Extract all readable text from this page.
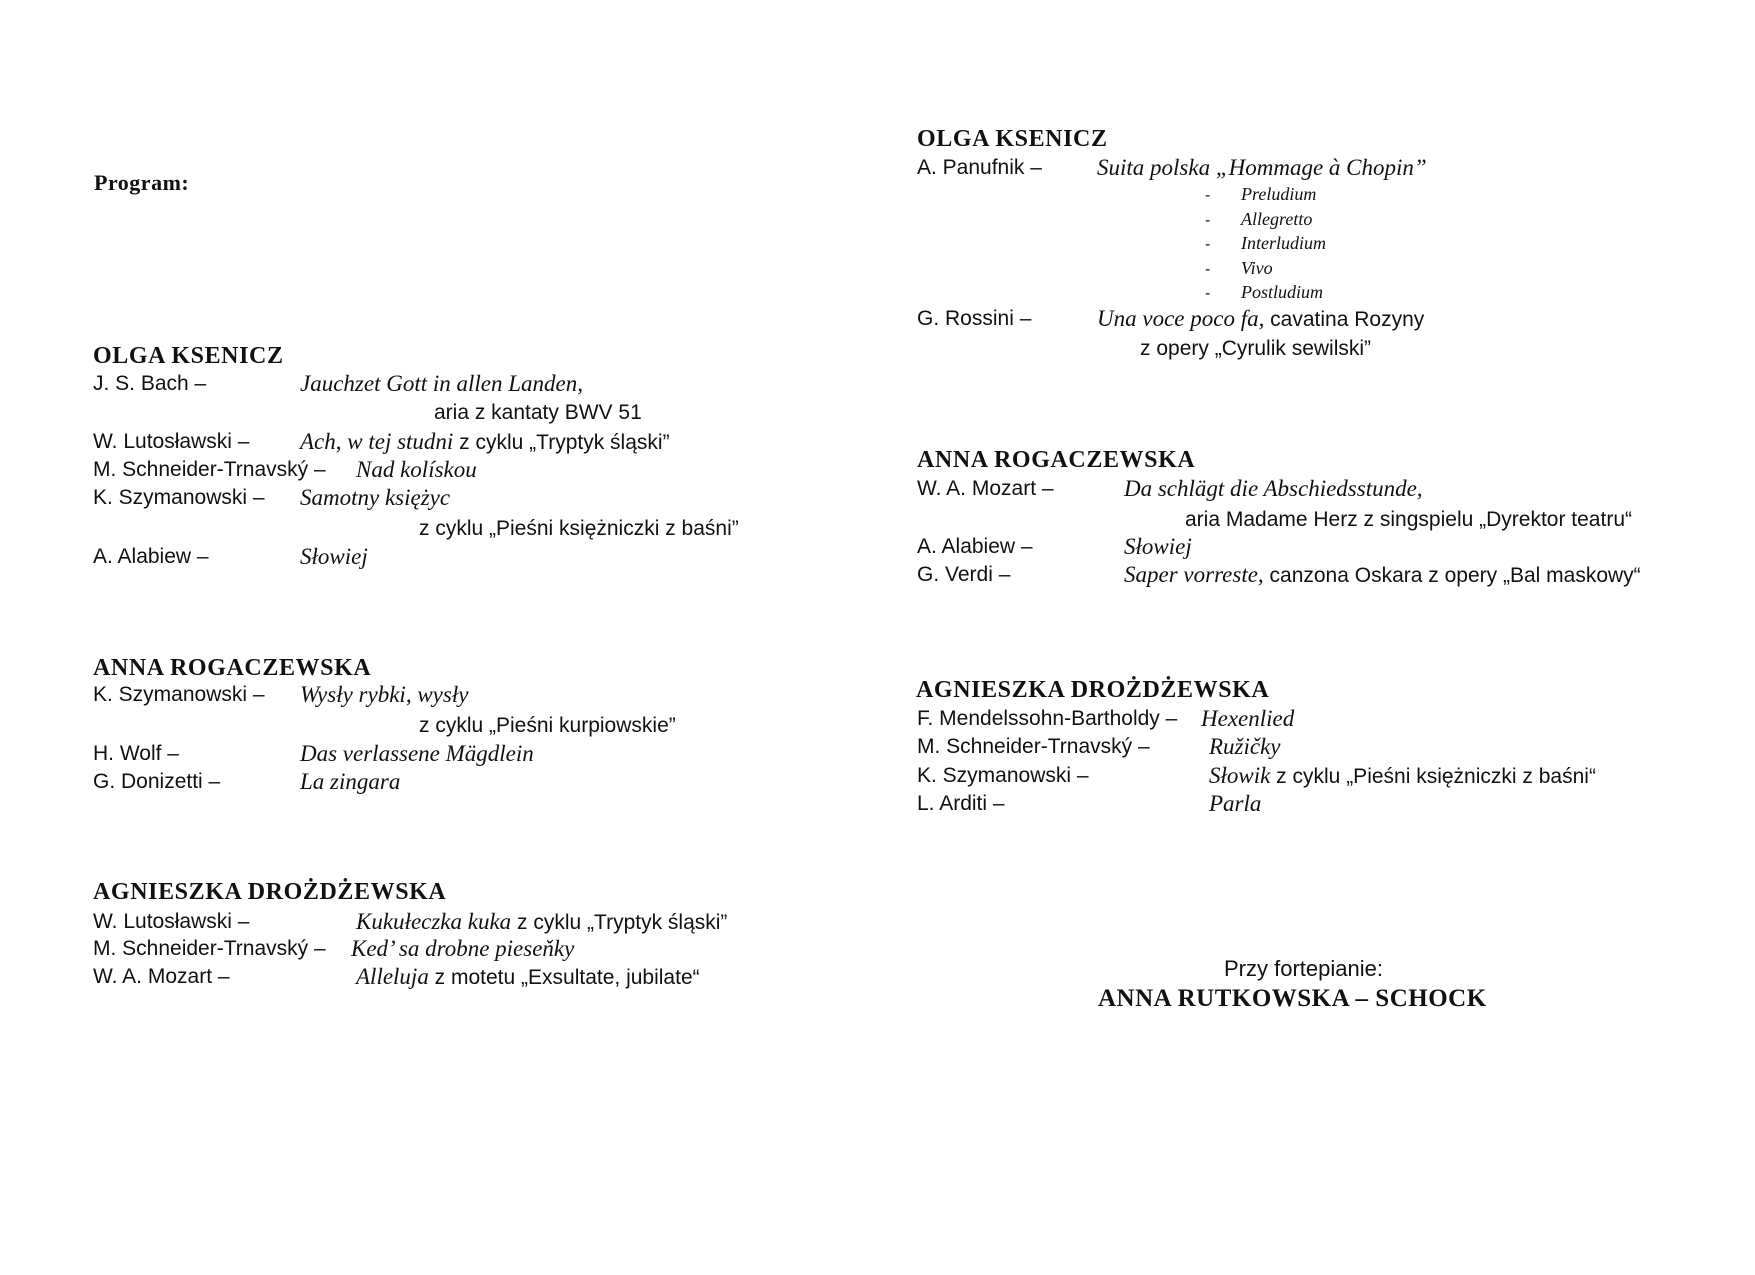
Program:
OLGA KSENICZ
J. S. Bach –	Jauchzet Gott in allen Landen,
aria z kantaty BWV 51
W. Lutosławski – Ach, w tej studni z cyklu „Tryptyk śląski”
M. Schneider-Trnavský – Nad kolískou
K. Szymanowski – Samotny księżyc
z cyklu „Pieśni księżniczki z baśni”
A. Alabiew –	Słowiej
ANNA ROGACZEWSKA
K. Szymanowski – Wysły rybki, wysły
z cyklu „Pieśni kurpiowskie”
H. Wolf –	Das verlassene Mägdlein
G. Donizetti –	La zingara
AGNIESZKA DROŻDŻEWSKA
W. Lutosławski –	Kukułeczka kuka z cyklu „Tryptyk śląski”
M. Schneider-Trnavský – Ked’ sa drobne pieseňky
W. A. Mozart –	Alleluja z motetu „Exsultate, jubilate“
OLGA KSENICZ
A. Panufnik – Suita polska „Hommage à Chopin”
- Preludium
- Allegretto
- Interludium
- Vivo
- Postludium
G. Rossini –	Una voce poco fa, cavatina Rozyny
z opery „Cyrulik sewilski”
ANNA ROGACZEWSKA
W. A. Mozart –	Da schlägt die Abschiedsstunde,
aria Madame Herz z singspielu „Dyrektor teatru“
A. Alabiew –	Słowiej
G. Verdi –	Saper vorreste, canzona Oskara z opery „Bal maskowy“
AGNIESZKA DROŻDŻEWSKA
F. Mendelssohn-Bartholdy – Hexenlied
M. Schneider-Trnavský –	Ružičky
K. Szymanowski –	Słowik z cyklu „Pieśni księżniczki z baśni“
L. Arditi –	Parla
Przy fortepianie:
ANNA RUTKOWSKA – SCHOCK
